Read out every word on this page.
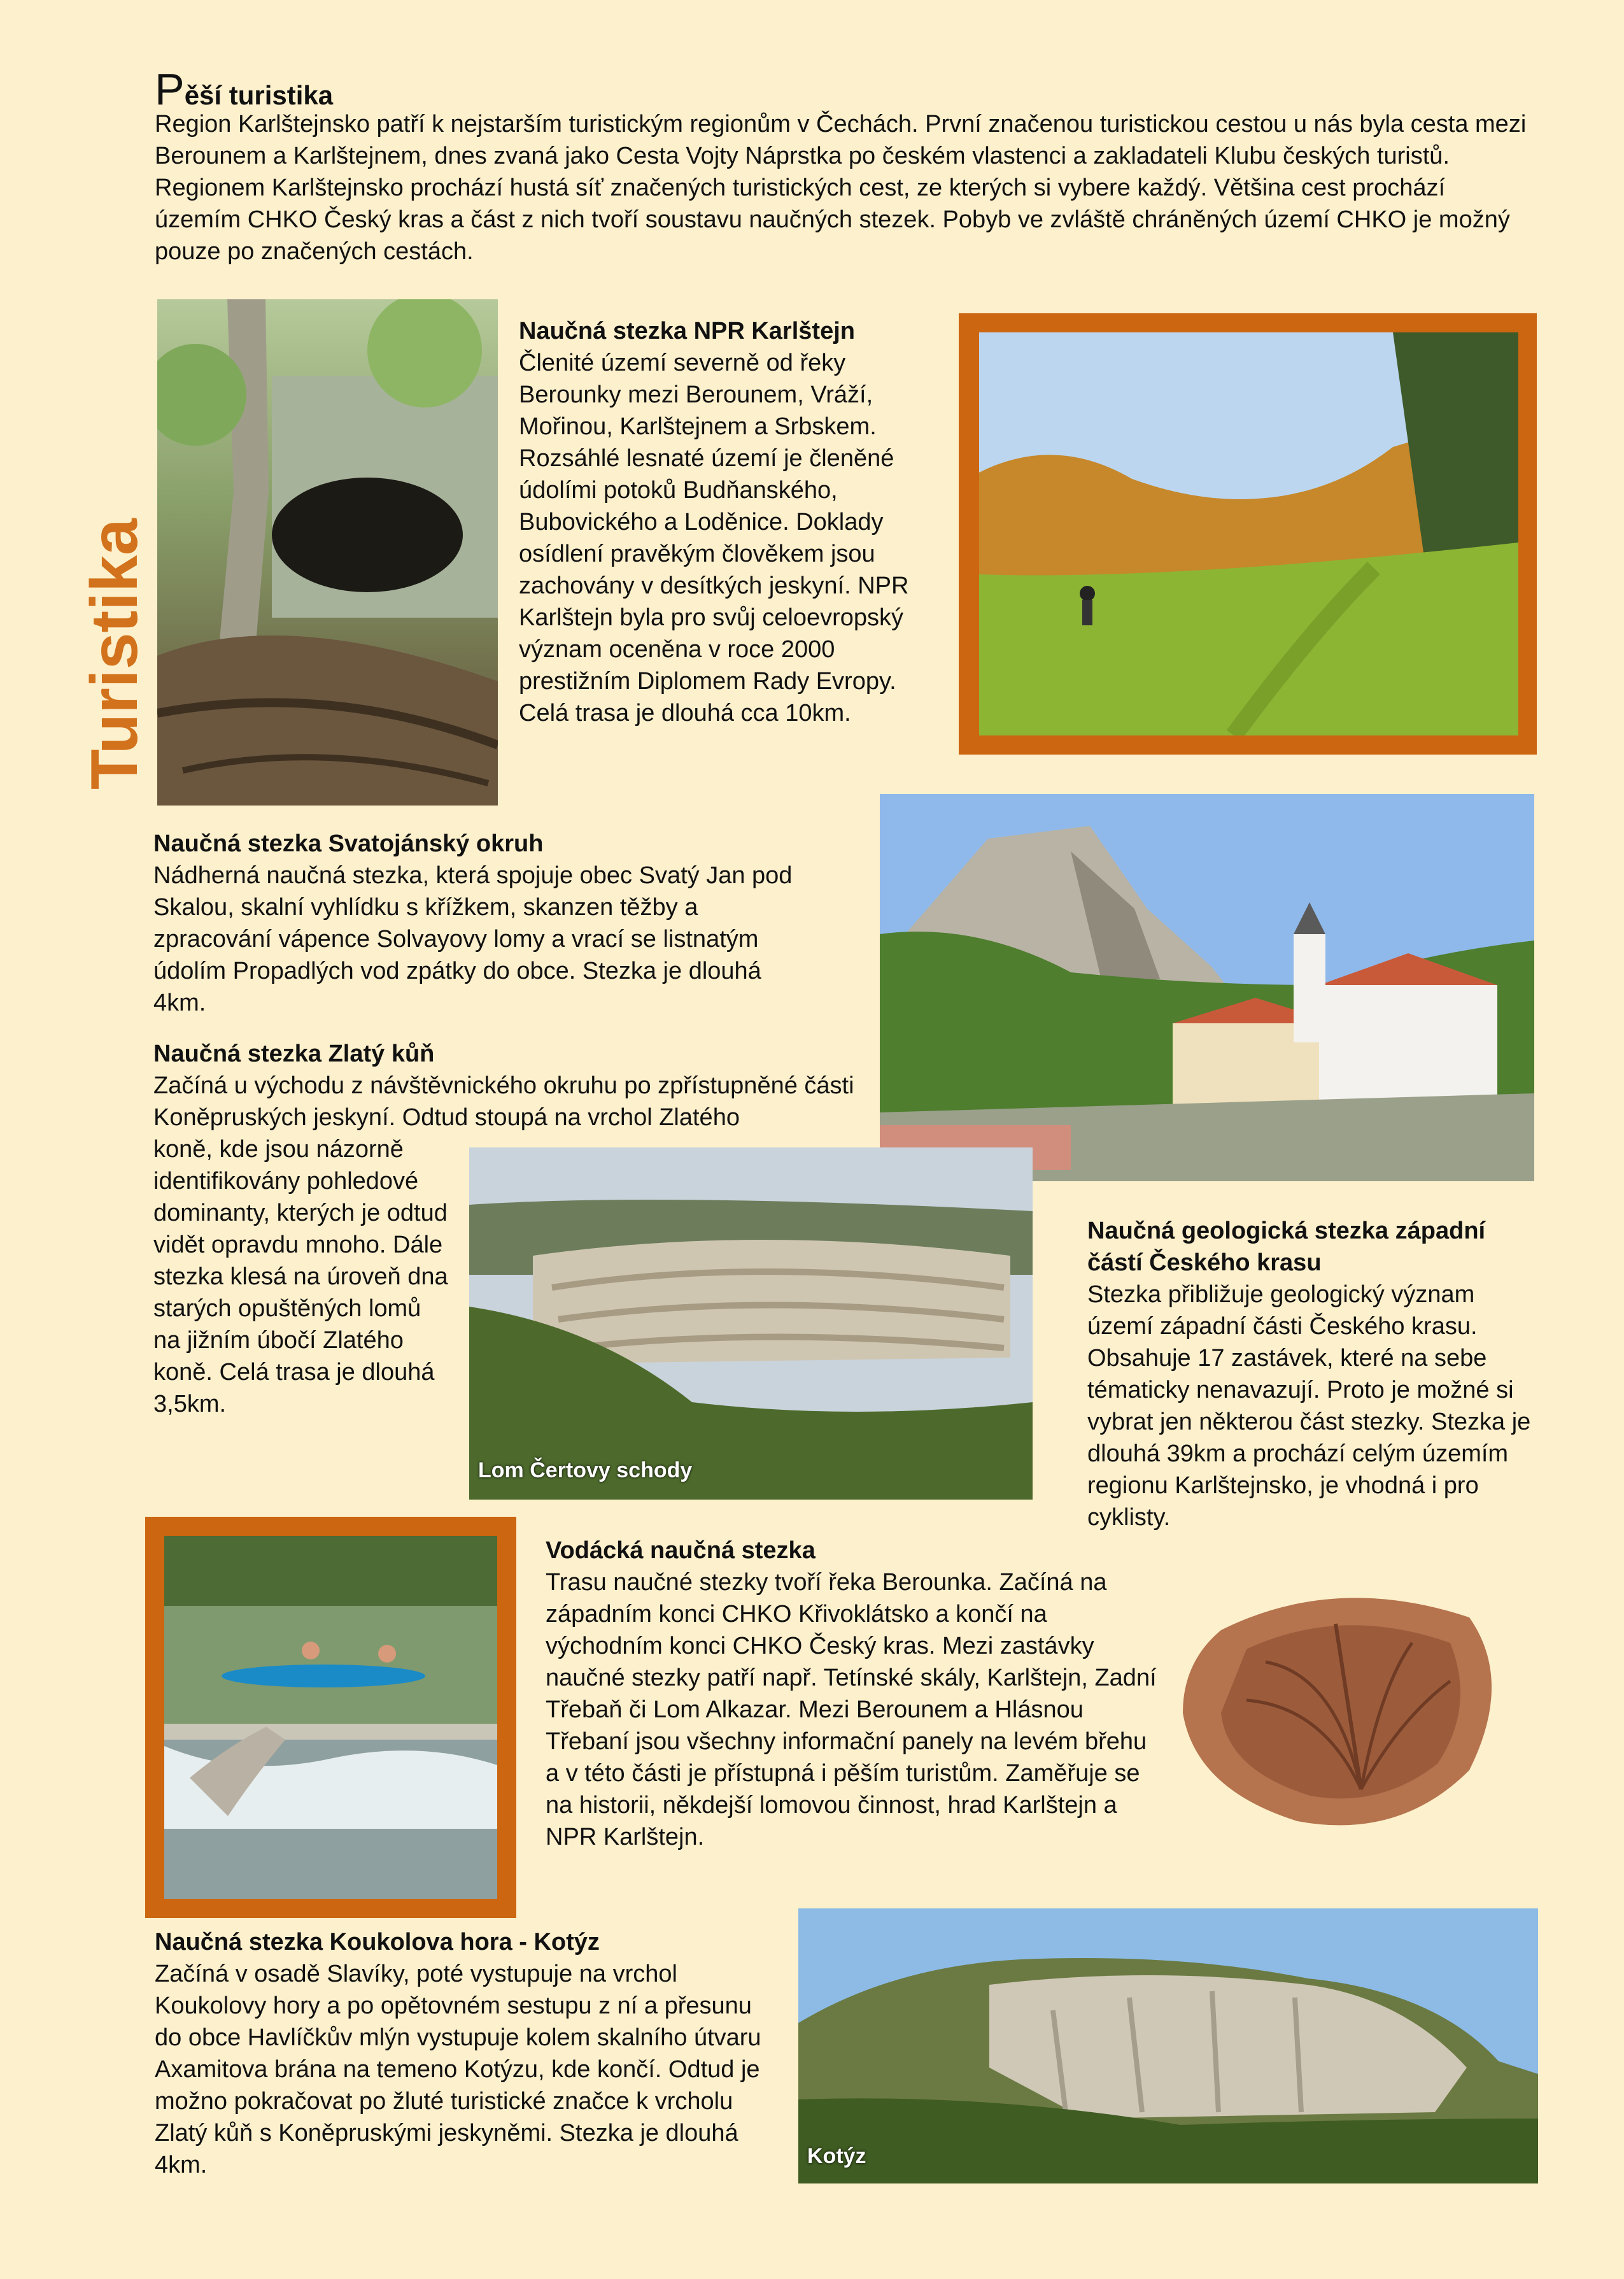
Turistika
Pěší turistika
Region Karlštejnsko patří k nejstarším turistickým regionům v Čechách. První značenou turistickou cestou u nás byla cesta mezi Berounem a Karlštejnem, dnes zvaná jako Cesta Vojty Náprstka po českém vlastenci a zakladateli Klubu českých turistů. Regionem Karlštejnsko prochází hustá síť značených turistických cest, ze kterých si vybere každý. Většina cest prochází územím CHKO Český kras a část z nich tvoří soustavu naučných stezek. Pobyb ve zvláště chráněných území CHKO je možný pouze po značených cestách.
Naučná stezka NPR Karlštejn
Členité území severně od řeky Berounky mezi Berounem, Vráží, Mořinou, Karlštejnem a Srbskem. Rozsáhlé lesnaté území je členěné údolími potoků Budňanského, Bubovického a Loděnice. Doklady osídlení pravěkým člověkem jsou zachovány v desítkých jeskyní. NPR Karlštejn byla pro svůj celoevropský význam oceněna v roce 2000 prestižním Diplomem Rady Evropy. Celá trasa je dlouhá cca 10km.
Naučná stezka Svatojánský okruh
Nádherná naučná stezka, která spojuje obec Svatý Jan pod Skalou, skalní vyhlídku s křížkem, skanzen těžby a zpracování vápence Solvayovy lomy a vrací se listnatým údolím Propadlých vod zpátky do obce. Stezka je dlouhá 4km.
Naučná stezka Zlatý kůň
Začíná u východu z návštěvnického okruhu po zpřístupněné části Koněpruských jeskyní. Odtud stoupá na vrchol Zlatého
koně, kde jsou názorně identifikovány pohledové dominanty, kterých je odtud vidět opravdu mnoho. Dále stezka klesá na úroveň dna starých opuštěných lomů na jižním úbočí Zlatého koně. Celá trasa je dlouhá 3,5km.
Lom Čertovy schody
Naučná geologická stezka západní částí Českého krasu
Stezka přibližuje geologický význam území západní části Českého krasu. Obsahuje 17 zastávek, které na sebe tématicky nenavazují. Proto je možné si vybrat jen některou část stezky. Stezka je dlouhá 39km a prochází celým územím regionu Karlštejnsko, je vhodná i pro cyklisty.
Vodácká naučná stezka
Trasu naučné stezky tvoří řeka Berounka. Začíná na západním konci CHKO Křivoklátsko a končí na východním konci CHKO Český kras. Mezi zastávky naučné stezky patří např. Tetínské skály, Karlštejn, Zadní Třebaň či Lom Alkazar. Mezi Berounem a Hlásnou Třebaní jsou všechny informační panely na levém břehu a v této části je přístupná i pěším turistům. Zaměřuje se na historii, někdejší lomovou činnost, hrad Karlštejn a NPR Karlštejn.
Naučná stezka Koukolova hora - Kotýz
Začíná v osadě Slavíky, poté vystupuje na vrchol Koukolovy hory a po opětovném sestupu z ní a přesunu do obce Havlíčkův mlýn vystupuje kolem skalního útvaru Axamitova brána na temeno Kotýzu, kde končí. Odtud je možno pokračovat po žluté turistické značce k vrcholu Zlatý kůň s Koněpruskými jeskyněmi. Stezka je dlouhá 4km.	Kotýz
